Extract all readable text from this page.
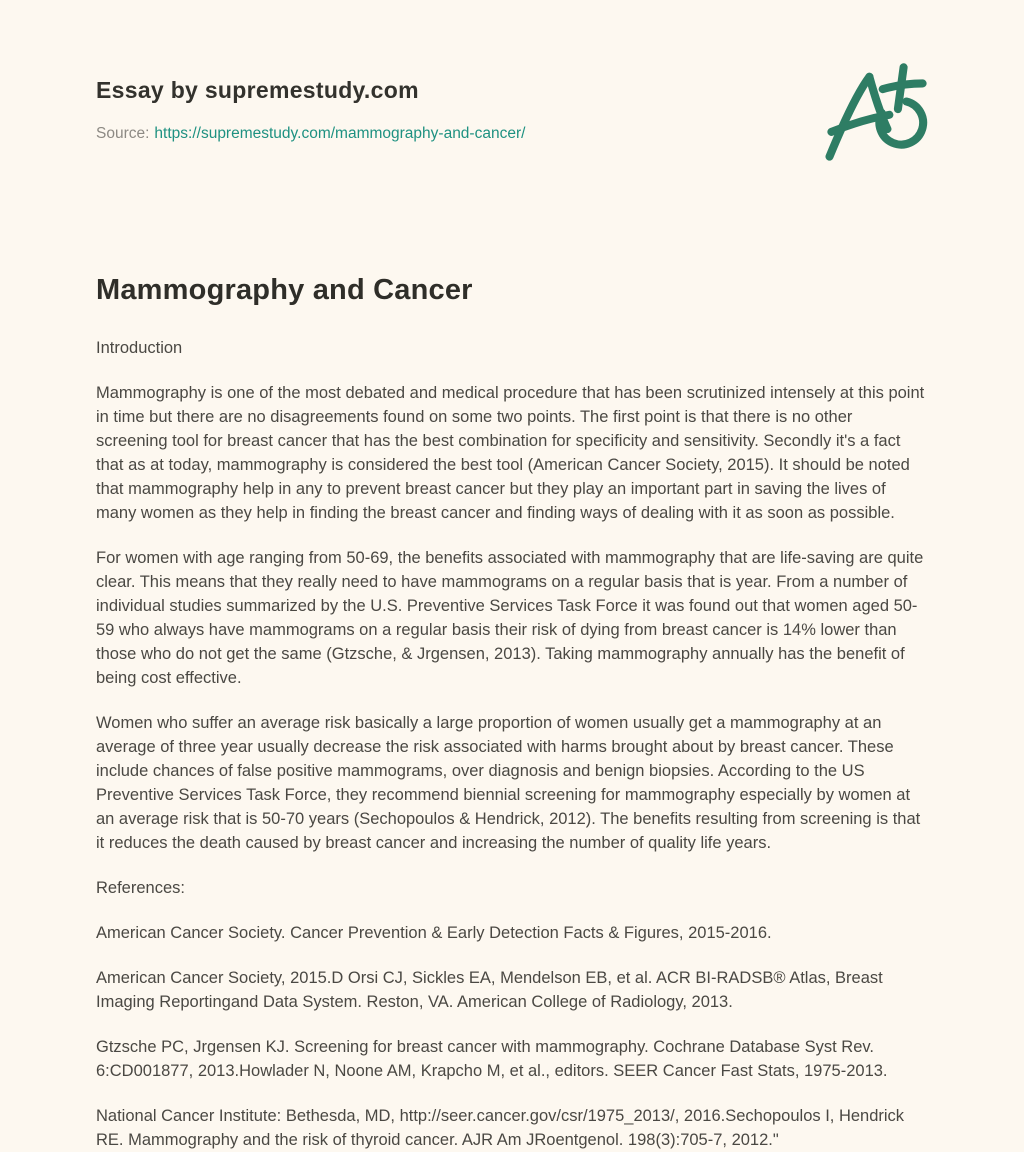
Essay by supremestudy.com
Source: https://supremestudy.com/mammography-and-cancer/
Mammography and Cancer

Introduction

Mammography is one of the most debated and medical procedure that has been scrutinized intensely at this point in time but there are no disagreements found on some two points. The first point is that there is no other screening tool for breast cancer that has the best combination for specificity and sensitivity. Secondly it's a fact that as at today, mammography is considered the best tool (American Cancer Society, 2015). It should be noted that mammography help in any to prevent breast cancer but they play an important part in saving the lives of many women as they help in finding the breast cancer and finding ways of dealing with it as soon as possible.

For women with age ranging from 50-69, the benefits associated with mammography that are life-saving are quite clear. This means that they really need to have mammograms on a regular basis that is year. From a number of individual studies summarized by the U.S. Preventive Services Task Force it was found out that women aged 50-59 who always have mammograms on a regular basis their risk of dying from breast cancer is 14% lower than those who do not get the same (Gtzsche, & Jrgensen, 2013). Taking mammography annually has the benefit of being cost effective.

Women who suffer an average risk basically a large proportion of women usually get a mammography at an average of three year usually decrease the risk associated with harms brought about by breast cancer. These include chances of false positive mammograms, over diagnosis and benign biopsies. According to the US Preventive Services Task Force, they recommend biennial screening for mammography especially by women at an average risk that is 50-70 years (Sechopoulos & Hendrick, 2012). The benefits resulting from screening is that it reduces the death caused by breast cancer and increasing the number of quality life years.

References:

American Cancer Society. Cancer Prevention & Early Detection Facts & Figures, 2015-2016.

American Cancer Society, 2015.D Orsi CJ, Sickles EA, Mendelson EB, et al. ACR BI-RADSB® Atlas, Breast Imaging Reportingand Data System. Reston, VA. American College of Radiology, 2013.

Gtzsche PC, Jrgensen KJ. Screening for breast cancer with mammography. Cochrane Database Syst Rev. 6:CD001877, 2013.Howlader N, Noone AM, Krapcho M, et al., editors. SEER Cancer Fast Stats, 1975-2013.

National Cancer Institute: Bethesda, MD, http://seer.cancer.gov/csr/1975_2013/, 2016.Sechopoulos I, Hendrick RE. Mammography and the risk of thyroid cancer. AJR Am JRoentgenol. 198(3):705-7, 2012."
